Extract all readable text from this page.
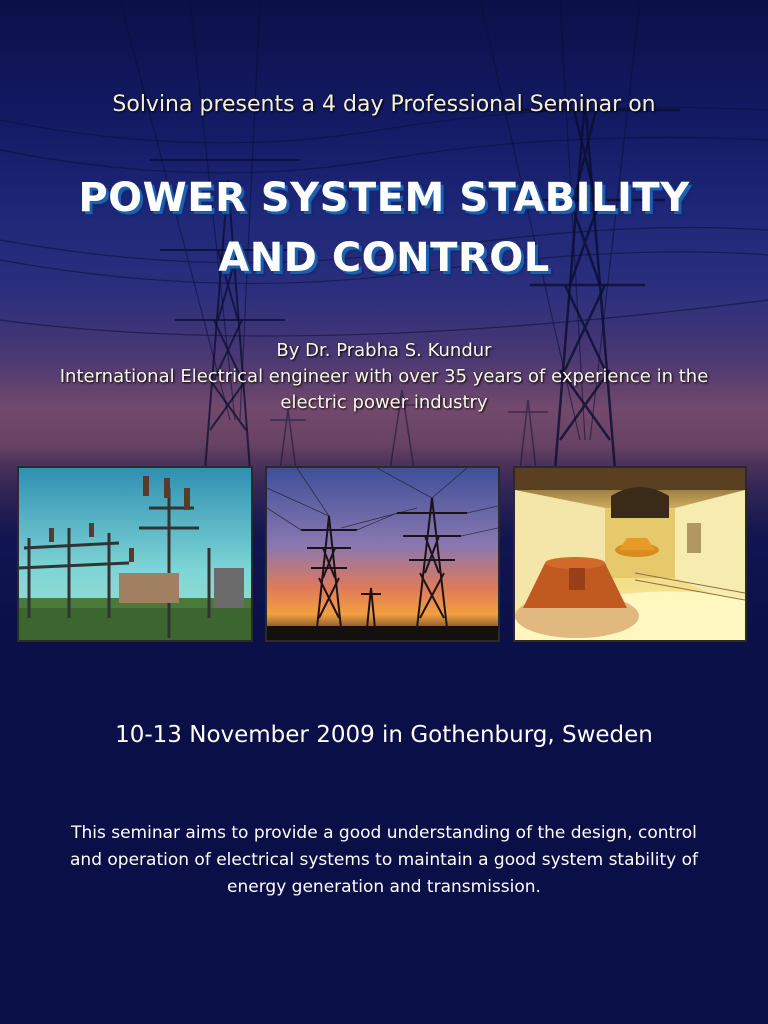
Solvina presents a 4 day Professional Seminar on
POWER SYSTEM STABILITY
AND CONTROL
By Dr. Prabha S. Kundur
International Electrical engineer with over 35 years of experience in the
electric power industry
10-13 November 2009 in Gothenburg, Sweden
This seminar aims to provide a good understanding of the design, control
and operation of electrical systems to maintain a good system stability of
energy generation and transmission.
